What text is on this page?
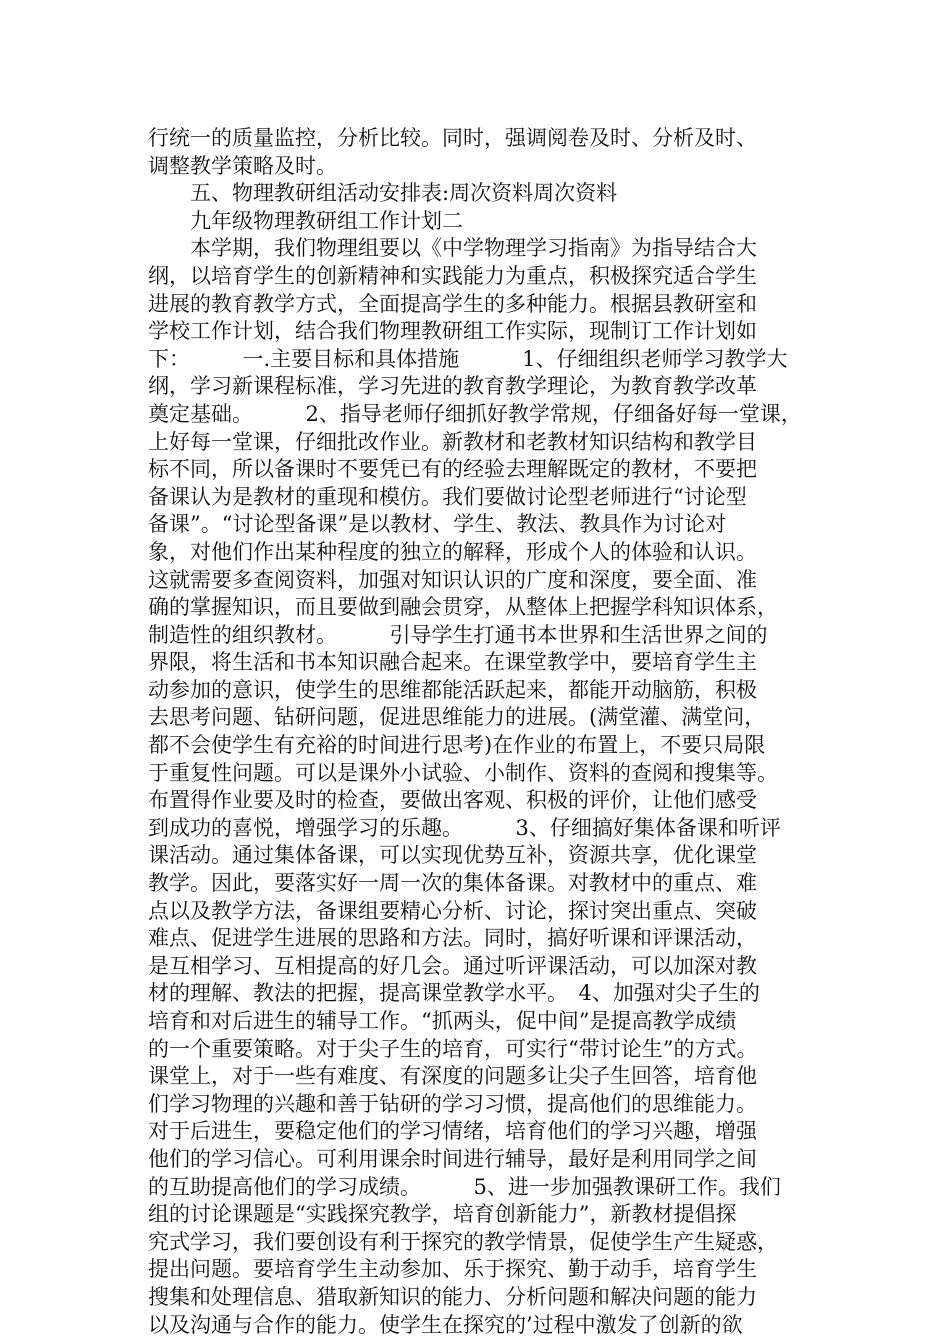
行统一的质量监控，分析比较。同时，强调阅卷及时、分析及时、
调整教学策略及时。
　　五、物理教研组活动安排表:周次资料周次资料
　　九年级物理教研组工作计划二
　　本学期，我们物理组要以《中学物理学习指南》为指导结合大
纲，以培育学生的创新精神和实践能力为重点，积极探究适合学生
进展的教育教学方式，全面提高学生的多种能力。根据县教研室和
学校工作计划，结合我们物理教研组工作实际，现制订工作计划如
下：　　　一.主要目标和具体措施　　　1、仔细组织老师学习教学大
纲，学习新课程标准，学习先进的教育教学理论，为教育教学改革
奠定基础。　　　2、指导老师仔细抓好教学常规，仔细备好每一堂课，
上好每一堂课，仔细批改作业。新教材和老教材知识结构和教学目
标不同，所以备课时不要凭已有的经验去理解既定的教材，不要把
备课认为是教材的重现和模仿。我们要做讨论型老师进行“讨论型
备课”。“讨论型备课”是以教材、学生、教法、教具作为讨论对
象，对他们作出某种程度的独立的解释，形成个人的体验和认识。
这就需要多查阅资料，加强对知识认识的广度和深度，要全面、准
确的掌握知识，而且要做到融会贯穿，从整体上把握学科知识体系，
制造性的组织教材。　　　引导学生打通书本世界和生活世界之间的
界限，将生活和书本知识融合起来。在课堂教学中，要培育学生主
动参加的意识，使学生的思维都能活跃起来，都能开动脑筋，积极
去思考问题、钻研问题，促进思维能力的进展。(满堂灌、满堂问，
都不会使学生有充裕的时间进行思考)在作业的布置上，不要只局限
于重复性问题。可以是课外小试验、小制作、资料的查阅和搜集等。
布置得作业要及时的检查，要做出客观、积极的评价，让他们感受
到成功的喜悦，增强学习的乐趣。　　　3、仔细搞好集体备课和听评
课活动。通过集体备课，可以实现优势互补，资源共享，优化课堂
教学。因此，要落实好一周一次的集体备课。对教材中的重点、难
点以及教学方法，备课组要精心分析、讨论，探讨突出重点、突破
难点、促进学生进展的思路和方法。同时，搞好听课和评课活动，
是互相学习、互相提高的好几会。通过听评课活动，可以加深对教
材的理解、教法的把握，提高课堂教学水平。　4、加强对尖子生的
培育和对后进生的辅导工作。“抓两头，促中间”是提高教学成绩
的一个重要策略。对于尖子生的培育，可实行“带讨论生”的方式。
课堂上，对于一些有难度、有深度的问题多让尖子生回答，培育他
们学习物理的兴趣和善于钻研的学习习惯，提高他们的思维能力。
对于后进生，要稳定他们的学习情绪，培育他们的学习兴趣，增强
他们的学习信心。可利用课余时间进行辅导，最好是利用同学之间
的互助提高他们的学习成绩。　　　5、进一步加强教课研工作。我们
组的讨论课题是“实践探究教学，培育创新能力”，新教材提倡探
究式学习，我们要创设有利于探究的教学情景，促使学生产生疑惑，
提出问题。要培育学生主动参加、乐于探究、勤于动手，培育学生
搜集和处理信息、猎取新知识的能力、分析问题和解决问题的能力
以及沟通与合作的能力。使学生在探究的’过程中激发了创新的欲
